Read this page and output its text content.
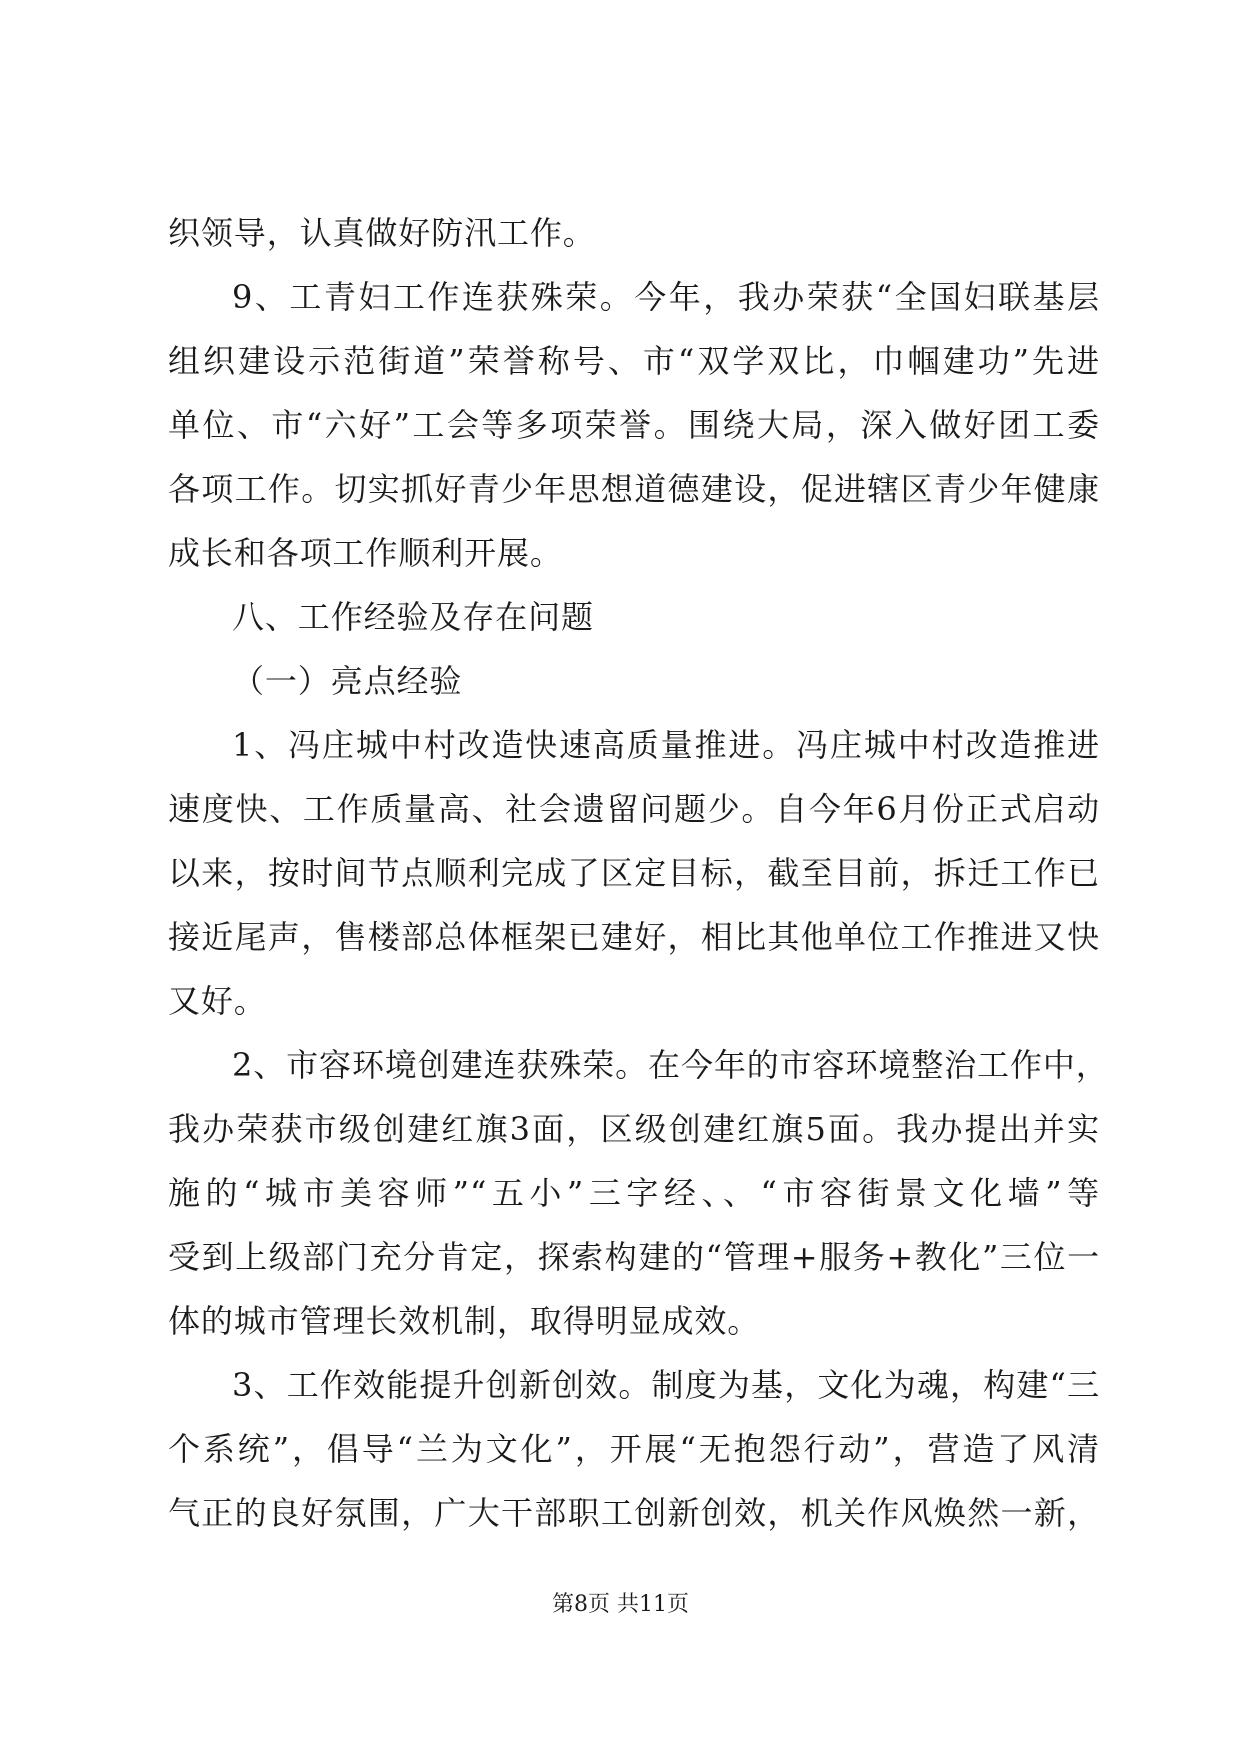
织领导，认真做好防汛工作。
9、工青妇工作连获殊荣。今年，我办荣获“全国妇联基层
组织建设示范街道”荣誉称号、市“双学双比，巾帼建功”先进
单位、市“六好”工会等多项荣誉。围绕大局，深入做好团工委
各项工作。切实抓好青少年思想道德建设，促进辖区青少年健康
成长和各项工作顺利开展。
八、工作经验及存在问题
（一）亮点经验
1、冯庄城中村改造快速高质量推进。冯庄城中村改造推进
速度快、工作质量高、社会遗留问题少。自今年6月份正式启动
以来，按时间节点顺利完成了区定目标，截至目前，拆迁工作已
接近尾声，售楼部总体框架已建好，相比其他单位工作推进又快
又好。
2、市容环境创建连获殊荣。在今年的市容环境整治工作中，
我办荣获市级创建红旗3面，区级创建红旗5面。我办提出并实
施的“城市美容师”“五小”三字经、、“市容街景文化墙”等
受到上级部门充分肯定，探索构建的“管理+服务+教化”三位一
体的城市管理长效机制，取得明显成效。
3、工作效能提升创新创效。制度为基，文化为魂，构建“三
个系统”，倡导“兰为文化”，开展“无抱怨行动”，营造了风清
气正的良好氛围，广大干部职工创新创效，机关作风焕然一新，
第8页 共11页
